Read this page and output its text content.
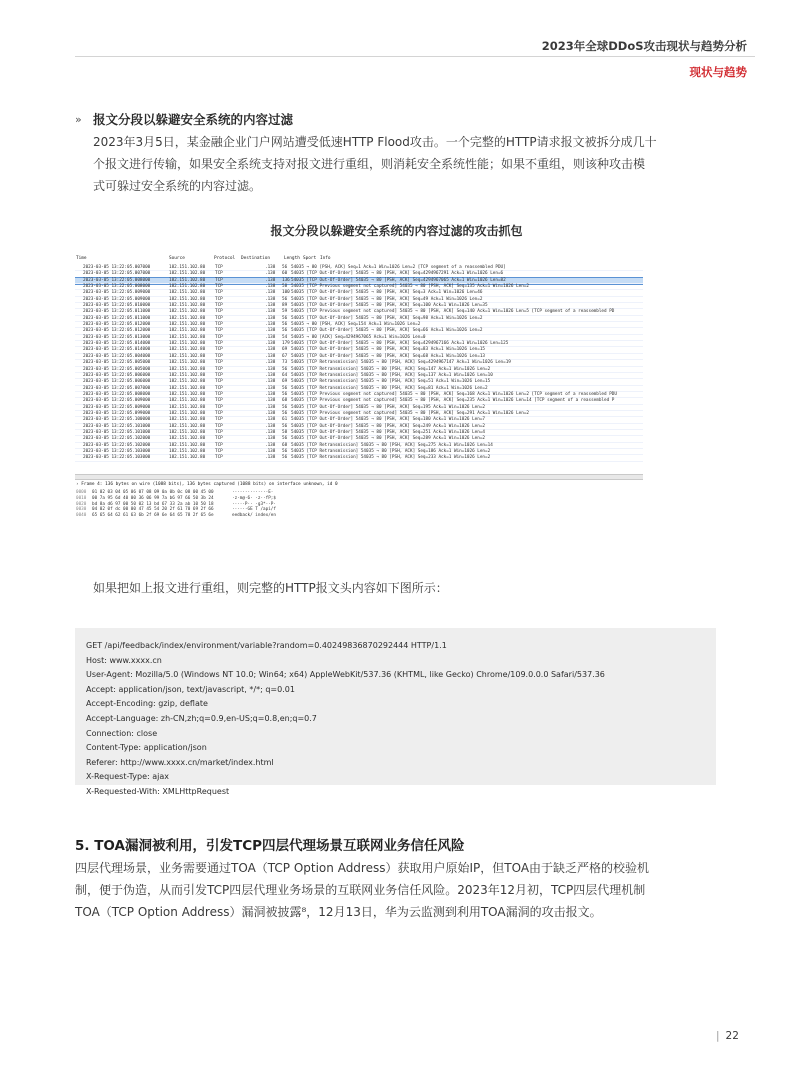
2023年全球DDoS攻击现状与趋势分析
现状与趋势
» 报文分段以躲避安全系统的内容过滤
2023年3月5日，某金融企业门户网站遭受低速HTTP Flood攻击。一个完整的HTTP请求报文被拆分成几十
个报文进行传输，如果安全系统支持对报文进行重组，则消耗安全系统性能；如果不重组，则该种攻击模
式可躲过安全系统的内容过滤。
报文分段以躲避安全系统的内容过滤的攻击抓包
Time	Source	Protocol Destination	Length Sport Info
2023-03-05 13:22:05.007000	182.151.102.80 TCP	.138 56 54035 → 80 [PSH, ACK] Seq=1 Ack=1 Win=1026 Len=2 [TCP segment of a reassembled PDU]
2023-03-05 13:22:05.007000	182.151.102.80 TCP	.138 60 54035 [TCP Out-Of-Order] 54035 → 80 [PSH, ACK] Seq=4294967291 Ack=1 Win=1026 Len=6
2023-03-05 13:22:05.008000	182.151.102.80 TCP	.138 136 54035 [TCP Out-Of-Order] 54035 → 80 [PSH, ACK] Seq=4294967065 Ack=1 Win=1026 Len=82
2023-03-05 13:22:05.008000	182.151.102.80 TCP	.138 58 54035 [TCP Previous segment not captured] 54035 → 80 [PSH, ACK] Seq=135 Ack=1 Win=1026 Len=2
2023-03-05 13:22:05.009000	182.151.102.80 TCP	.138 100 54035 [TCP Out-Of-Order] 54035 → 80 [PSH, ACK] Seq=3 Ack=1 Win=1026 Len=46
2023-03-05 13:22:05.009000	182.151.102.80 TCP	.138 56 54035 [TCP Out-Of-Order] 54035 → 80 [PSH, ACK] Seq=49 Ack=1 Win=1026 Len=2
2023-03-05 13:22:05.010000	182.151.102.80 TCP	.138 89 54035 [TCP Out-Of-Order] 54035 → 80 [PSH, ACK] Seq=100 Ack=1 Win=1026 Len=35
2023-03-05 13:22:05.011000	182.151.102.80 TCP	.138 59 54035 [TCP Previous segment not captured] 54035 → 80 [PSH, ACK] Seq=140 Ack=1 Win=1026 Len=5 [TCP segment of a reassembled PD
2023-03-05 13:22:05.011000	182.151.102.80 TCP	.138 56 54035 [TCP Out-Of-Order] 54035 → 80 [PSH, ACK] Seq=98 Ack=1 Win=1026 Len=2
2023-03-05 13:22:05.012000	182.151.102.80 TCP	.138 56 54035 → 80 [PSH, ACK] Seq=154 Ack=1 Win=1026 Len=2
2023-03-05 13:22:05.012000	182.151.102.80 TCP	.138 56 54035 [TCP Out-Of-Order] 54035 → 80 [PSH, ACK] Seq=66 Ack=1 Win=1026 Len=2
2023-03-05 13:22:05.013000	182.151.102.80 TCP	.138 54 54035 → 80 [ACK] Seq=4294967065 Ack=1 Win=1026 Len=0
2023-03-05 13:22:05.014000	182.151.102.80 TCP	.138 179 54035 [TCP Out-Of-Order] 54035 → 80 [PSH, ACK] Seq=4294967166 Ack=1 Win=1026 Len=125
2023-03-05 13:22:05.014000	182.151.102.80 TCP	.138 69 54035 [TCP Out-Of-Order] 54035 → 80 [PSH, ACK] Seq=83 Ack=1 Win=1026 Len=15
2023-03-05 13:22:05.004000	182.151.102.80 TCP	.138 67 54035 [TCP Out-Of-Order] 54035 → 80 [PSH, ACK] Seq=68 Ack=1 Win=1026 Len=13
2023-03-05 13:22:05.005000	182.151.102.80 TCP	.138 73 54035 [TCP Retransmission] 54035 → 80 [PSH, ACK] Seq=4294967147 Ack=1 Win=1026 Len=19
2023-03-05 13:22:05.005000	182.151.102.80 TCP	.138 56 54035 [TCP Retransmission] 54035 → 80 [PSH, ACK] Seq=147 Ack=1 Win=1026 Len=2
2023-03-05 13:22:05.006000	182.151.102.80 TCP	.138 64 54035 [TCP Retransmission] 54035 → 80 [PSH, ACK] Seq=137 Ack=1 Win=1026 Len=10
2023-03-05 13:22:05.006000	182.151.102.80 TCP	.138 69 54035 [TCP Retransmission] 54035 → 80 [PSH, ACK] Seq=51 Ack=1 Win=1026 Len=15
2023-03-05 13:22:05.007000	182.151.102.80 TCP	.138 56 54035 [TCP Retransmission] 54035 → 80 [PSH, ACK] Seq=81 Ack=1 Win=1026 Len=2
2023-03-05 13:22:05.008000	182.151.102.80 TCP	.138 56 54035 [TCP Previous segment not captured] 54035 → 80 [PSH, ACK] Seq=168 Ack=1 Win=1026 Len=2 [TCP segment of a reassembled PDU
2023-03-05 13:22:05.009000	182.151.102.80 TCP	.138 68 54035 [TCP Previous segment not captured] 54035 → 80 [PSH, ACK] Seq=235 Ack=1 Win=1026 Len=14 [TCP segment of a reassembled P
2023-03-05 13:22:05.009000	182.151.102.80 TCP	.138 56 54035 [TCP Out-Of-Order] 54035 → 80 [PSH, ACK] Seq=195 Ack=1 Win=1026 Len=2
2023-03-05 13:22:05.099000	182.151.102.80 TCP	.138 56 54035 [TCP Previous segment not captured] 54035 → 80 [PSH, ACK] Seq=291 Ack=1 Win=1026 Len=2
2023-03-05 13:22:05.100000	182.151.102.80 TCP	.138 61 54035 [TCP Out-Of-Order] 54035 → 80 [PSH, ACK] Seq=180 Ack=1 Win=1026 Len=7
2023-03-05 13:22:05.101000	182.151.102.80 TCP	.138 56 54035 [TCP Out-Of-Order] 54035 → 80 [PSH, ACK] Seq=249 Ack=1 Win=1026 Len=2
2023-03-05 13:22:05.101000	182.151.102.80 TCP	.138 58 54035 [TCP Out-Of-Order] 54035 → 80 [PSH, ACK] Seq=251 Ack=1 Win=1026 Len=4
2023-03-05 13:22:05.102000	182.151.102.80 TCP	.138 56 54035 [TCP Out-Of-Order] 54035 → 80 [PSH, ACK] Seq=289 Ack=1 Win=1026 Len=2
2023-03-05 13:22:05.102000	182.151.102.80 TCP	.138 68 54035 [TCP Retransmission] 54035 → 80 [PSH, ACK] Seq=275 Ack=1 Win=1026 Len=14
2023-03-05 13:22:05.103000	182.151.102.80 TCP	.138 56 54035 [TCP Retransmission] 54035 → 80 [PSH, ACK] Seq=186 Ack=1 Win=1026 Len=2
2023-03-05 13:22:05.103000	182.151.102.80 TCP	.138 56 54035 [TCP Retransmission] 54035 → 80 [PSH, ACK] Seq=233 Ack=1 Win=1026 Len=2
› Frame 4: 136 bytes on wire (1088 bits), 136 bytes captured (1088 bits) on interface unknown, id 0
0000 01 02 03 04 05 06 07 08 09 0a 0b 0c 08 00 45 00	··············E·
0010 00 7a 95 6d 40 00 36 06 99 7a b6 97 66 50 3b 24	·z·m@·6· ·z··fP;$
0020 bd 8a d6 97 00 50 02 13 bd 67 33 2a ab 10 50 18	·····P·· ·g3*··P·
0030 04 02 0f dc 00 00 47 45 54 20 2f 61 70 69 2f 66	······GE T /api/f
0040 65 65 64 62 61 63 6b 2f 69 6e 64 65 78 2f 65 6e	eedback/ index/en
如果把如上报文进行重组，则完整的HTTP报文头内容如下图所示：
GET /api/feedback/index/environment/variable?random=0.40249836870292444 HTTP/1.1
Host: www.xxxx.cn
User-Agent: Mozilla/5.0 (Windows NT 10.0; Win64; x64) AppleWebKit/537.36 (KHTML, like Gecko) Chrome/109.0.0.0 Safari/537.36
Accept: application/json, text/javascript, */*; q=0.01
Accept-Encoding: gzip, deflate
Accept-Language: zh-CN,zh;q=0.9,en-US;q=0.8,en;q=0.7
Connection: close
Content-Type: application/json
Referer: http://www.xxxx.cn/market/index.html
X-Request-Type: ajax
X-Requested-With: XMLHttpRequest
5. TOA漏洞被利用，引发TCP四层代理场景互联网业务信任风险
四层代理场景，业务需要通过TOA（TCP Option Address）获取用户原始IP，但TOA由于缺乏严格的校验机
制，便于伪造，从而引发TCP四层代理业务场景的互联网业务信任风险。2023年12月初，TCP四层代理机制
TOA（TCP Option Address）漏洞被披露⁸，12月13日，华为云监测到利用TOA漏洞的攻击报文。
| 22
